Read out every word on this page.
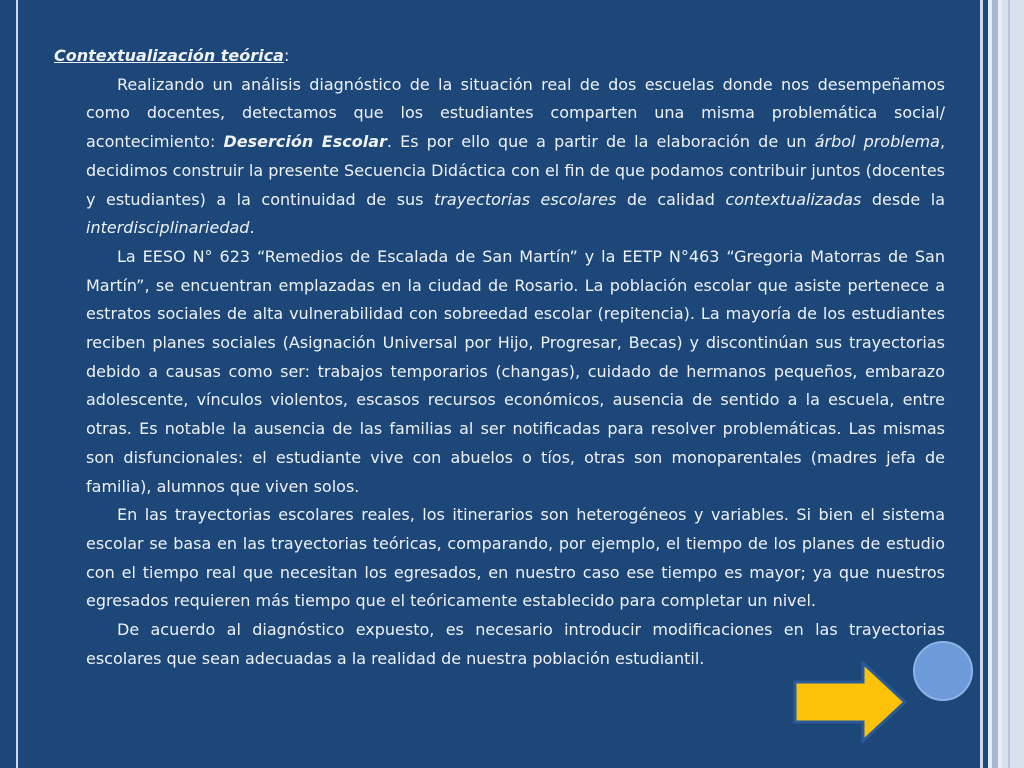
Contextualización teórica:

Realizando un análisis diagnóstico de la situación real de dos escuelas donde nos desempeñamos como docentes, detectamos que los estudiantes comparten una misma problemática social/ acontecimiento: Deserción Escolar. Es por ello que a partir de la elaboración de un árbol problema, decidimos construir la presente Secuencia Didáctica con el fin de que podamos contribuir juntos (docentes y estudiantes) a la continuidad de sus trayectorias escolares de calidad contextualizadas desde la interdisciplinariedad.

La EESO N° 623 “Remedios de Escalada de San Martín” y la EETP N°463 “Gregoria Matorras de San Martín”, se encuentran emplazadas en la ciudad de Rosario. La población escolar que asiste pertenece a estratos sociales de alta vulnerabilidad con sobreedad escolar (repitencia). La mayoría de los estudiantes reciben planes sociales (Asignación Universal por Hijo, Progresar, Becas) y discontinúan sus trayectorias debido a causas como ser: trabajos temporarios (changas), cuidado de hermanos pequeños, embarazo adolescente, vínculos violentos, escasos recursos económicos, ausencia de sentido a la escuela, entre otras. Es notable la ausencia de las familias al ser notificadas para resolver problemáticas. Las mismas son disfuncionales: el estudiante vive con abuelos o tíos, otras son monoparentales (madres jefa de familia), alumnos que viven solos.

En las trayectorias escolares reales, los itinerarios son heterogéneos y variables. Si bien el sistema escolar se basa en las trayectorias teóricas, comparando, por ejemplo, el tiempo de los planes de estudio con el tiempo real que necesitan los egresados, en nuestro caso ese tiempo es mayor; ya que nuestros egresados requieren más tiempo que el teóricamente establecido para completar un nivel.

De acuerdo al diagnóstico expuesto, es necesario introducir modificaciones en las trayectorias escolares que sean adecuadas a la realidad de nuestra población estudiantil.
